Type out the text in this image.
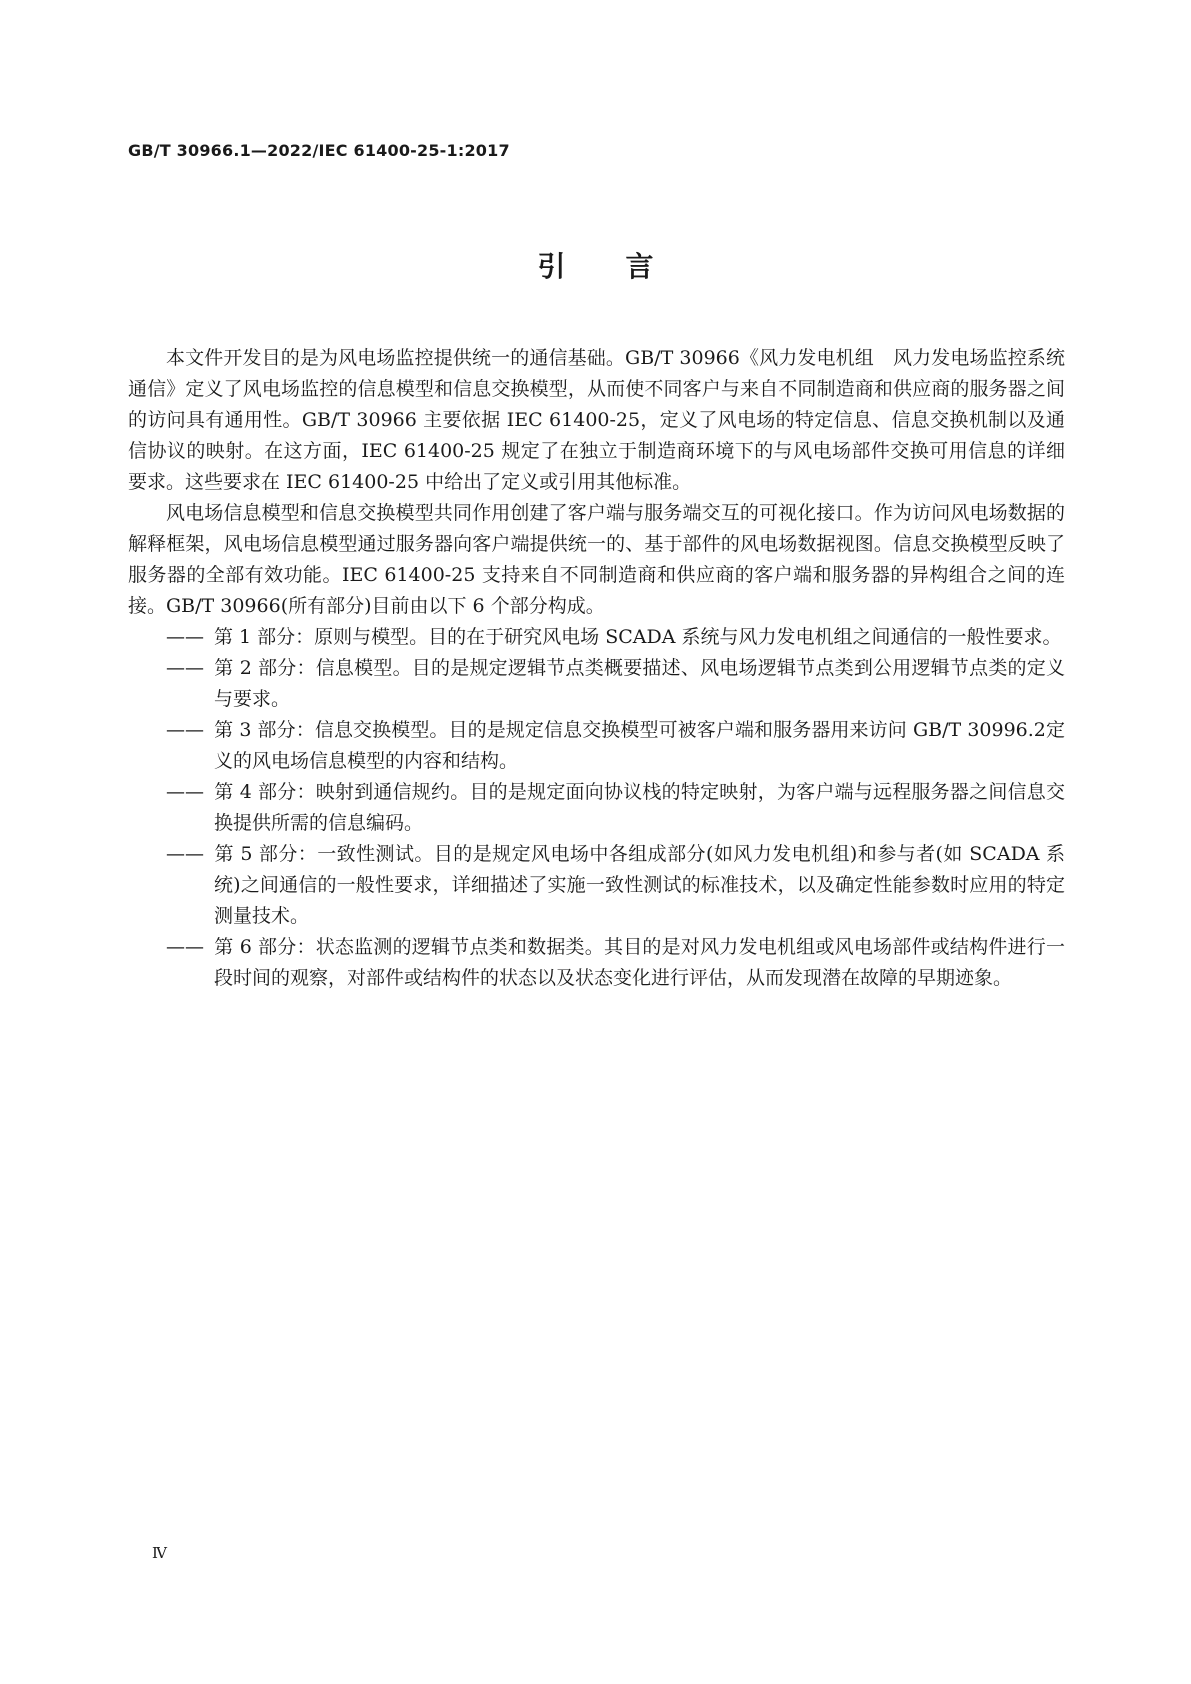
GB/T 30966.1—2022/IEC 61400-25-1:2017
引言

本文件开发目的是为风电场监控提供统一的通信基础。GB/T 30966《风力发电机组　风力发电场监控系统通信》定义了风电场监控的信息模型和信息交换模型，从而使不同客户与来自不同制造商和供应商的服务器之间的访问具有通用性。GB/T 30966 主要依据 IEC 61400-25，定义了风电场的特定信息、信息交换机制以及通信协议的映射。在这方面，IEC 61400-25 规定了在独立于制造商环境下的与风电场部件交换可用信息的详细要求。这些要求在 IEC 61400-25 中给出了定义或引用其他标准。

风电场信息模型和信息交换模型共同作用创建了客户端与服务端交互的可视化接口。作为访问风电场数据的解释框架，风电场信息模型通过服务器向客户端提供统一的、基于部件的风电场数据视图。信息交换模型反映了服务器的全部有效功能。IEC 61400-25 支持来自不同制造商和供应商的客户端和服务器的异构组合之间的连接。GB/T 30966(所有部分)目前由以下 6 个部分构成。

—— 第 1 部分：原则与模型。目的在于研究风电场 SCADA 系统与风力发电机组之间通信的一般性要求。
—— 第 2 部分：信息模型。目的是规定逻辑节点类概要描述、风电场逻辑节点类到公用逻辑节点类的定义与要求。
—— 第 3 部分：信息交换模型。目的是规定信息交换模型可被客户端和服务器用来访问 GB/T 30996.2定义的风电场信息模型的内容和结构。
—— 第 4 部分：映射到通信规约。目的是规定面向协议栈的特定映射，为客户端与远程服务器之间信息交换提供所需的信息编码。
—— 第 5 部分：一致性测试。目的是规定风电场中各组成部分(如风力发电机组)和参与者(如 SCADA 系统)之间通信的一般性要求，详细描述了实施一致性测试的标准技术，以及确定性能参数时应用的特定测量技术。
—— 第 6 部分：状态监测的逻辑节点类和数据类。其目的是对风力发电机组或风电场部件或结构件进行一段时间的观察，对部件或结构件的状态以及状态变化进行评估，从而发现潜在故障的早期迹象。
Ⅳ
